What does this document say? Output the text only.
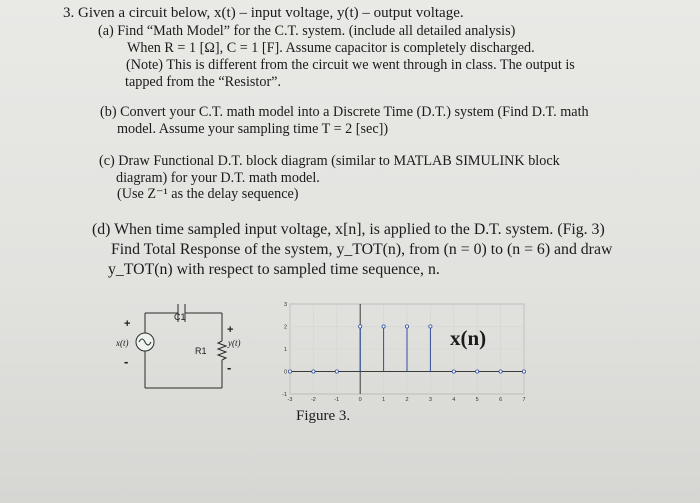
3. Given a circuit below, x(t) – input voltage, y(t) – output voltage.
(a) Find “Math Model” for the C.T. system. (include all detailed analysis)
When R = 1 [Ω], C = 1 [F]. Assume capacitor is completely discharged.
(Note) This is different from the circuit we went through in class. The output is
tapped from the “Resistor”.
(b) Convert your C.T. math model into a Discrete Time (D.T.) system (Find D.T. math
model. Assume your sampling time T = 2 [sec])
(c) Draw Functional D.T. block diagram (similar to MATLAB SIMULINK block
diagram) for your D.T. math model.
(Use Z⁻¹ as the delay sequence)
(d) When time sampled input voltage, x[n], is applied to the D.T. system. (Fig. 3)
Find Total Response of the system, y_TOT(n), from (n = 0) to (n = 6) and draw
y_TOT(n) with respect to sampled time sequence, n.
C1
R1
x(t)	y(t)
+
-
+
-
-3	-2	-1	0	1	2	3	4	5	6	7
-1
0
1
2
3
x(n)
Figure 3.
